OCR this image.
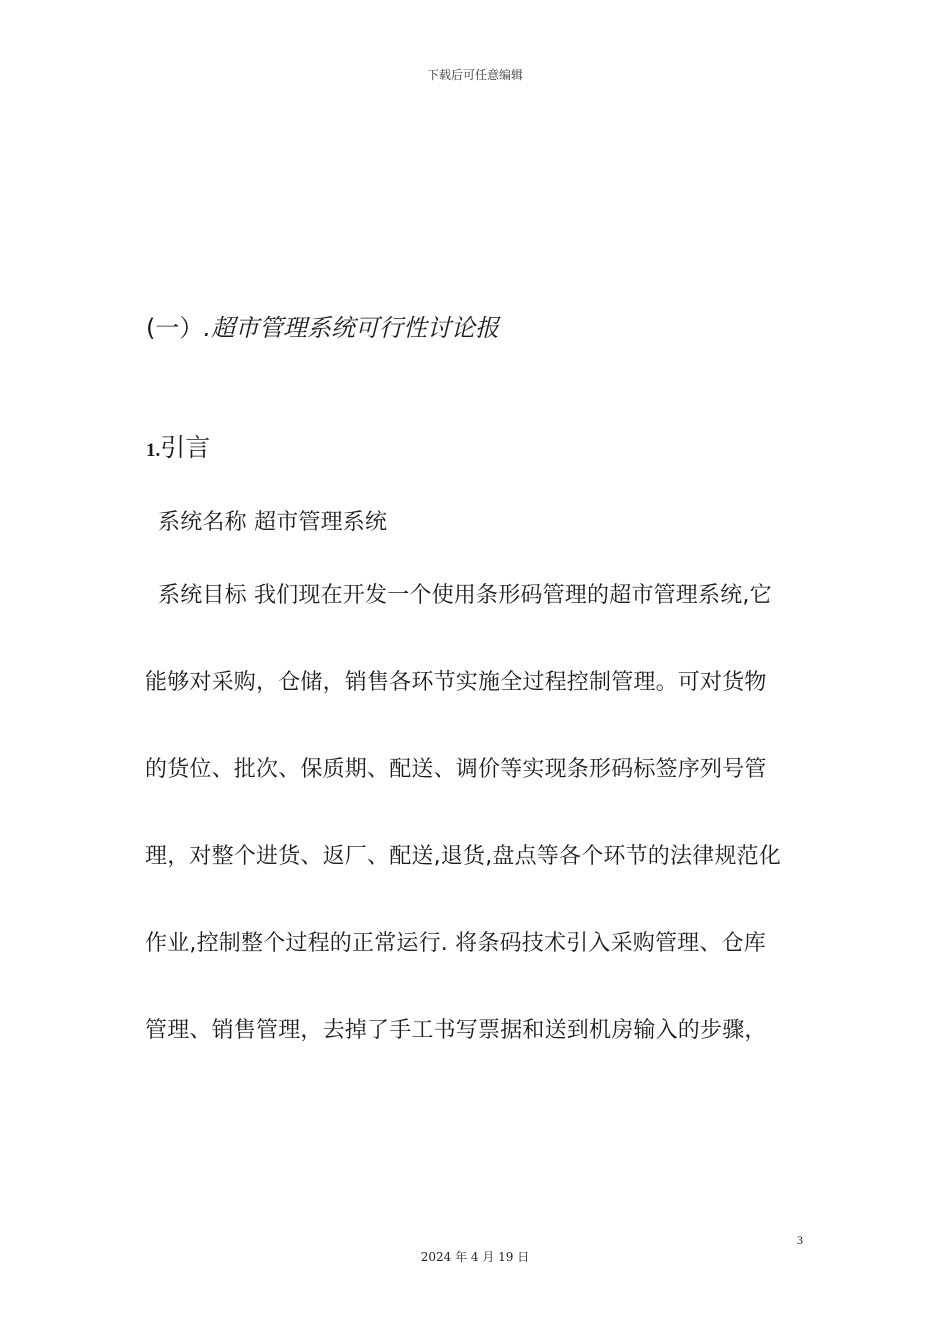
下载后可任意编辑
(一）.超市管理系统可行性讨论报
1.引言
系统名称 超市管理系统
系统目标 我们现在开发一个使用条形码管理的超市管理系统,它
能够对采购，仓储，销售各环节实施全过程控制管理。可对货物
的货位、批次、保质期、配送、调价等实现条形码标签序列号管
理，对整个进货、返厂、配送,退货,盘点等各个环节的法律规范化
作业,控制整个过程的正常运行. 将条码技术引入采购管理、仓库
管理、销售管理，去掉了手工书写票据和送到机房输入的步骤，
3
2024 年 4 月 19 日
